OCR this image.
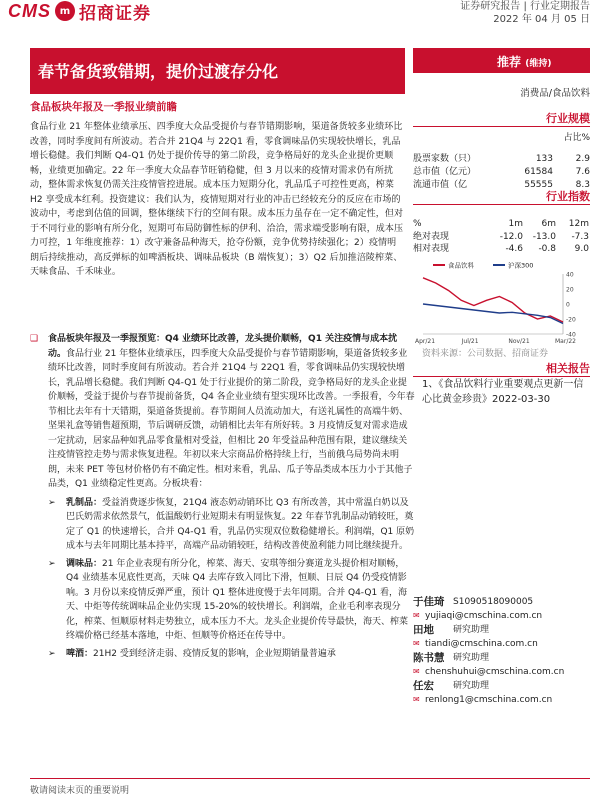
CMS m 招商证券	证券研究报告 | 行业定期报告
2022 年 04 月 05 日
春节备货致错期，提价过渡存分化
食品板块年报及一季报业绩前瞻
推荐 (维持)
消费品/食品饮料
食品行业 21 年整体业绩承压、四季度大众品受提价与春节错期影响，渠道备货较多业绩环比改善，同时季度间有所波动。若合并 21Q4 与 22Q1 看，零食调味品仍实现较快增长，乳品增长稳健。我们判断 Q4-Q1 仍处于提价传导的第二阶段，竞争格局好的龙头企业提价更顺畅，业绩更加确定。22 年一季度大众品春节旺销稳健，但 3 月以来的疫情对需求仍有所扰动，整体需求恢复仍需关注疫情管控进展。成本压力短期分化，乳品瓜子可控性更高，榨菜 H2 享受成本红利。投资建议：我们认为，疫情短期对行业的冲击已经较充分的反应在市场的波动中，考虑到估值的回调，整体继续下行的空间有限。成本压力虽存在一定不确定性，但对于不同行业的影响有所分化，短期可布局防御性标的伊利、洽洽，需求端受影响有限，成本压力可控，1 年维度推荐：1）改守兼备品种海天，抢夺份额，竞争优势持续强化；2）疫情明朗后持续推动，高反弹标的如啤酒板块、调味品板块（B 端恢复）；3）Q2 后加推涪陵榨菜、天味食品、千禾味业。
行业规模
占比%
股票家数（只）	133	2.9
总市值（亿元）	61584	7.6
流通市值（亿	55555	8.3
行业指数
%	1m	6m	12m
绝对表现	-12.0	-13.0	-7.3
相对表现	-4.6	-0.8	9.0
40
20
0
-20
-40
Apr/21	Jul/21	Nov/21	Mar/22
食品饮料	沪深300
资料来源：公司数据、招商证券
相关报告
1、《食品饮料行业重要观点更新一信心比黄金珍贵》2022-03-30
❑	食品板块年报及一季报预览：Q4 业绩环比改善，龙头提价顺畅，Q1 关注疫情与成本扰动。食品行业 21 年整体业绩承压，四季度大众品受提价与春节错期影响，渠道备货较多业绩环比改善，同时季度间有所波动。若合并 21Q4 与 22Q1 看，零食调味品仍实现较快增长，乳品增长稳健。我们判断 Q4-Q1 处于行业提价的第二阶段，竞争格局好的龙头企业提价顺畅，受益于提价与春节提前备货，Q4 各企业业绩有望实现环比改善。一季报看，今年春节相比去年有十天错期，渠道备货提前。春节期间人员流动加大，有送礼属性的高端牛奶、坚果礼盒等销售超预期，节后调研反馈，动销相比去年有所好转。3 月疫情反复对需求造成一定扰动，居家品种如乳品零食量相对受益，但相比 20 年受益品种范围有限，建议继续关注疫情管控走势与需求恢复进程。年初以来大宗商品价格持续上行，当前俄乌局势尚未明朗，未来 PET 等包材价格仍有不确定性。相对来看，乳品、瓜子等品类成本压力小于其他子品类，Q1 业绩稳定性更高。分板块看：
➢	乳制品：受益消费逐步恢复，21Q4 液态奶动销环比 Q3 有所改善，其中常温白奶以及巴氏奶需求依然景气，低温酸奶行业短期未有明显恢复。22 年春节乳制品动销较旺，奠定了 Q1 的快速增长，合并 Q4-Q1 看，乳品仍实现双位数稳健增长。利润端，Q1 原奶成本与去年同期比基本持平，高端产品动销较旺，结构改善使盈利能力同比继续提升。
➢	调味品：21 年企业表现有所分化，榨菜、海天、安琪等细分赛道龙头提价相对顺畅，Q4 业绩基本见底性更高，天味 Q4 去库存致入同比下滑，恒顺、日辰 Q4 仍受疫情影响。3 月份以来疫情反弹严重，预计 Q1 整体进度慢于去年同期。合并 Q4-Q1 看，海天、中炬等传统调味品企业仍实现 15-20%的较快增长。利润端，企业毛利率表现分化，榨菜、恒顺原材料走势独立，成本压力不大。龙头企业提价传导最快，海天、榨菜终端价格已经基本落地，中炬、恒顺等价格还在传导中。
➢	啤酒：21H2 受到经济走弱、疫情反复的影响，企业短期销量普遍承
于佳琦 S1090518090005
✉ yujiaqi@cmschina.com.cn
田地	研究助理
✉ tiandi@cmschina.com.cn
陈书慧 研究助理
✉ chenshuhui@cmschina.com.cn
任宏	研究助理
✉ renlong1@cmschina.com.cn
敬请阅读末页的重要说明
